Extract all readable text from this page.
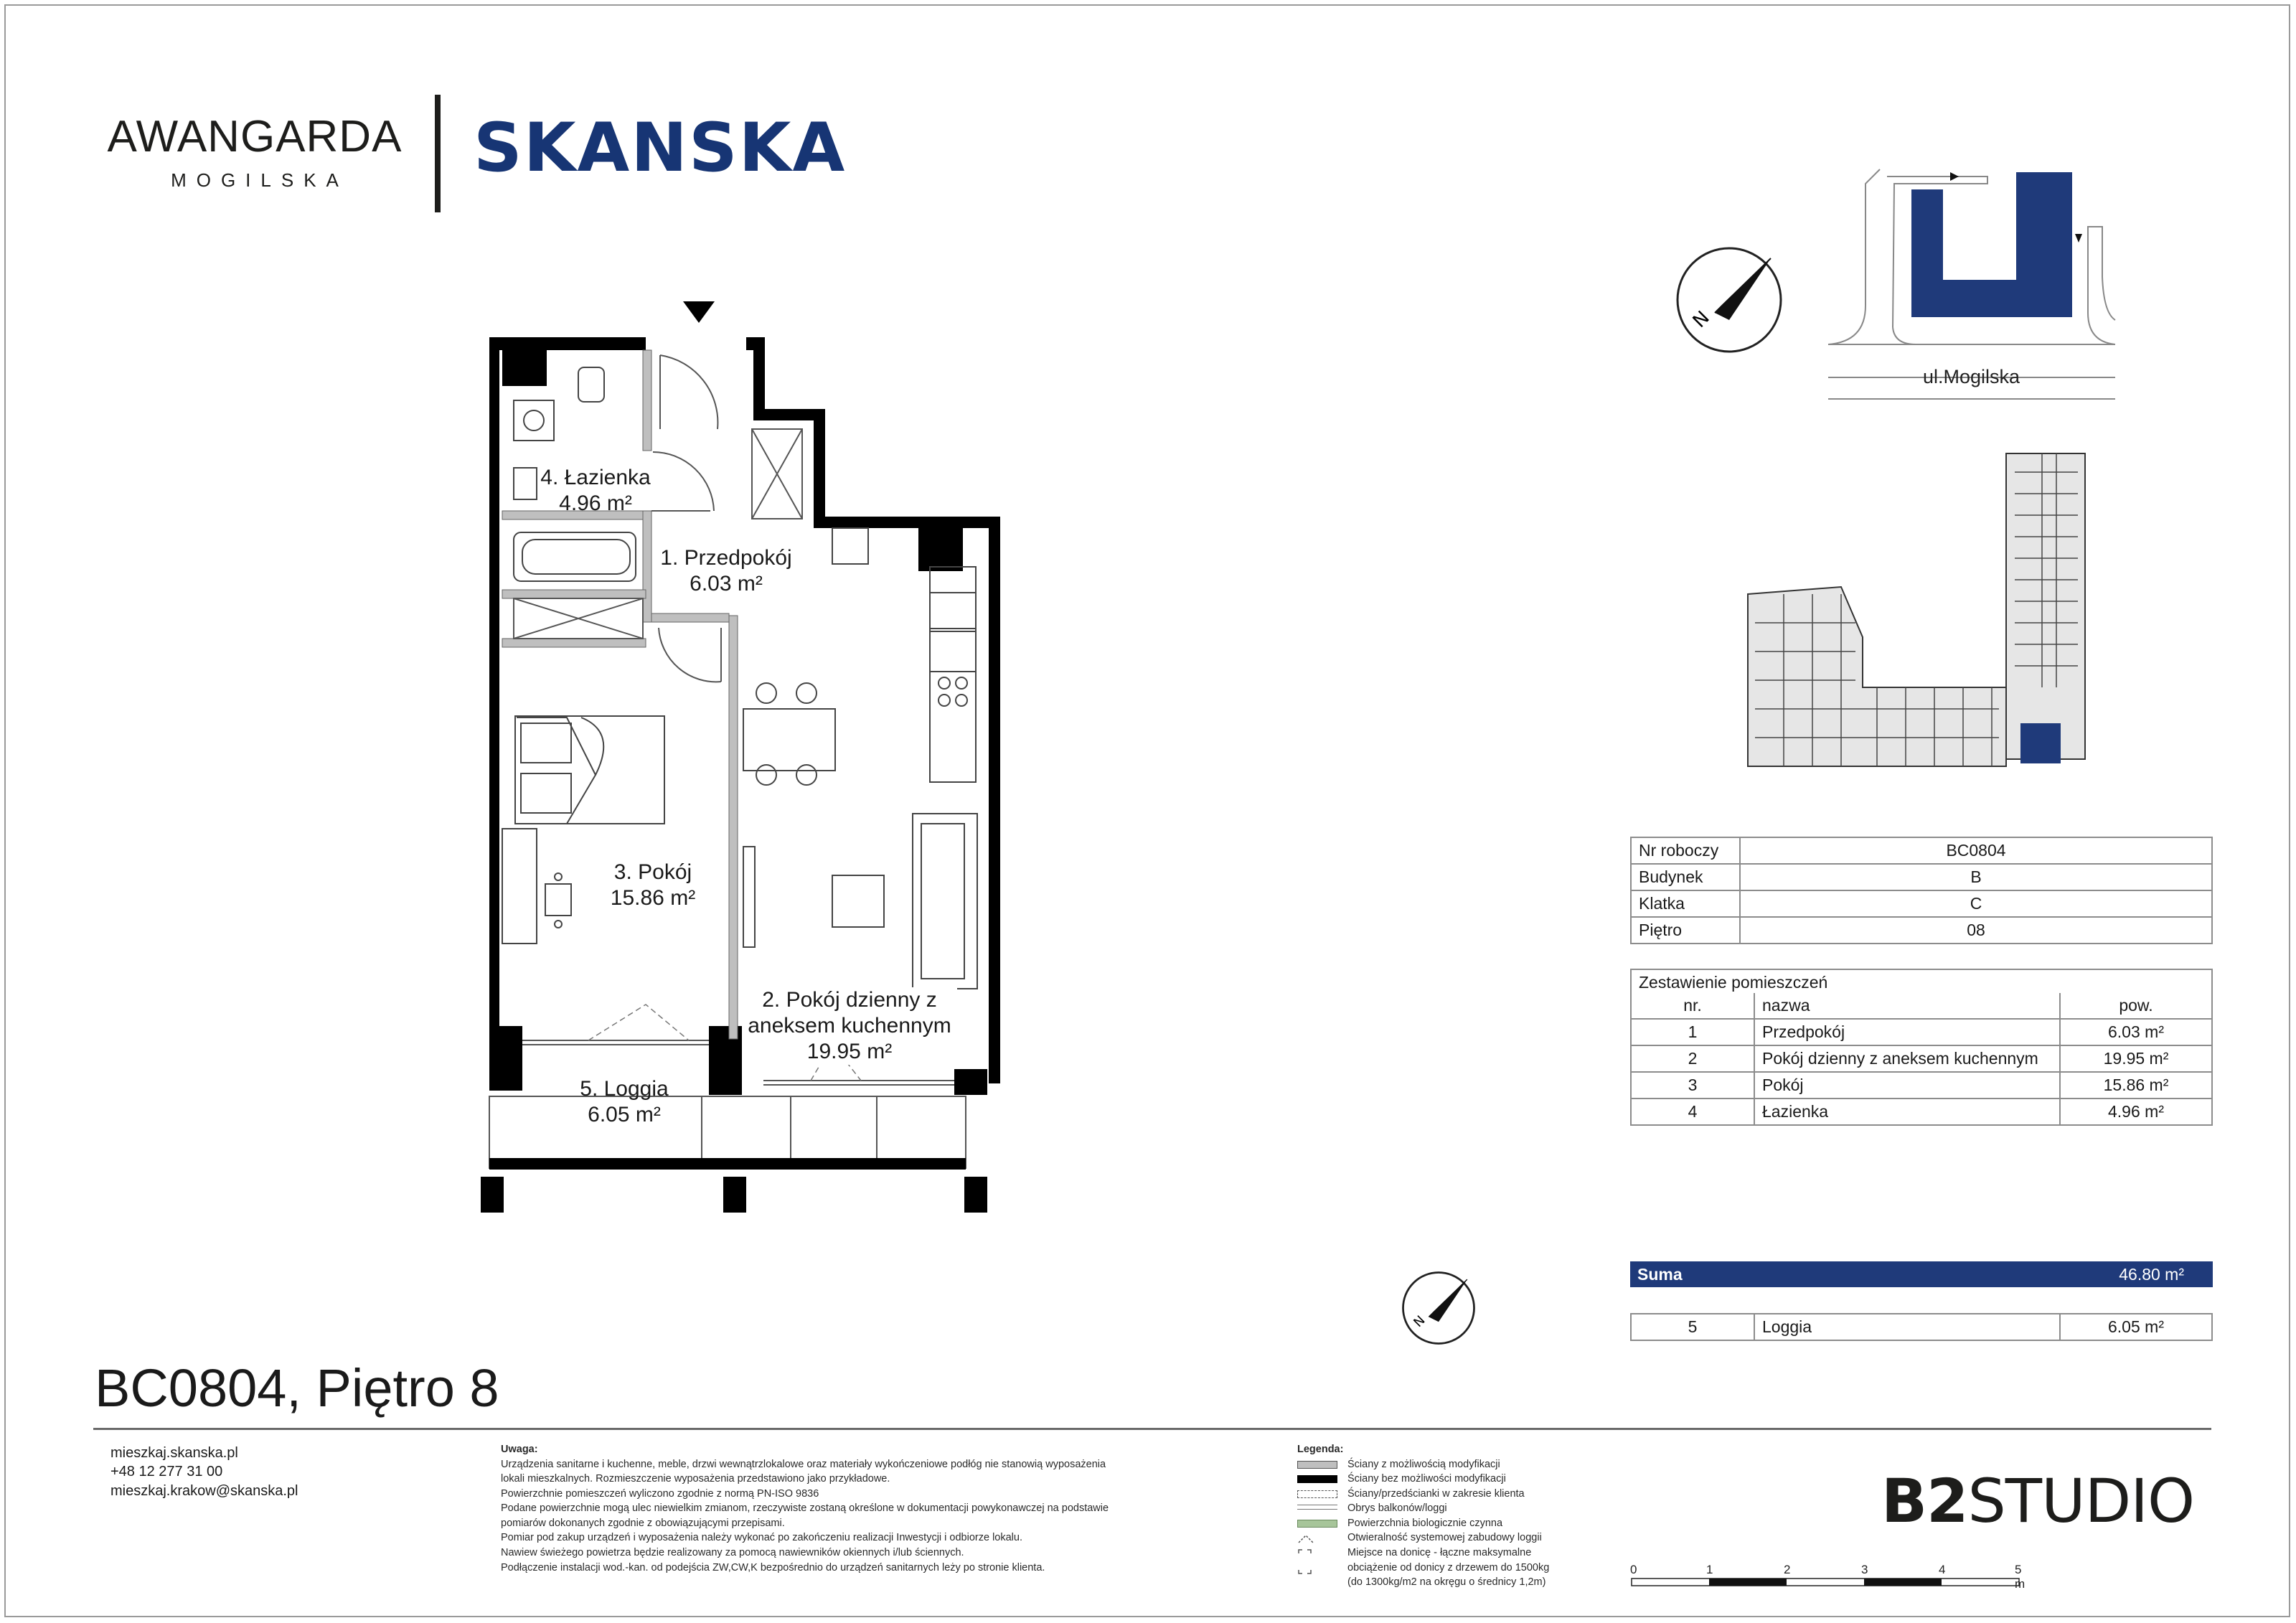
AWANGARDA
MOGILSKA	SKANSKA
4. Łazienka
4.96 m²
1. Przedpokój
6.03 m²
3. Pokój
15.86 m²
2. Pokój dzienny z aneksem kuchennym
19.95 m²
5. Loggia
6.05 m²
N
N
ul.Mogilska
Nr roboczy	BC0804
Budynek	B
Klatka	C
Piętro	08
Zestawienie pomieszczeń
nr.	nazwa	pow.
1	Przedpokój	6.03 m²
2	Pokój dzienny z aneksem kuchennym	19.95 m²
3	Pokój	15.86 m²
4	Łazienka	4.96 m²
Suma	46.80 m²
5	Loggia	6.05 m²
BC0804, Piętro 8
mieszkaj.skanska.pl
+48 12 277 31 00
mieszkaj.krakow@skanska.pl
Uwaga:
Urządzenia sanitarne i kuchenne, meble, drzwi wewnątrzlokalowe oraz materiały wykończeniowe podłóg nie stanowią wyposażenia
lokali mieszkalnych. Rozmieszczenie wyposażenia przedstawiono jako przykładowe.
Powierzchnie pomieszczeń wyliczono zgodnie z normą PN-ISO 9836
Podane powierzchnie mogą ulec niewielkim zmianom, rzeczywiste zostaną określone w dokumentacji powykonawczej na podstawie
pomiarów dokonanych zgodnie z obowiązującymi przepisami.
Pomiar pod zakup urządzeń i wyposażenia należy wykonać po zakończeniu realizacji Inwestycji i odbiorze lokalu.
Nawiew świeżego powietrza będzie realizowany za pomocą nawiewników okiennych i/lub ściennych.
Podłączenie instalacji wod.-kan. od podejścia ZW,CW,K bezpośrednio do urządzeń sanitarnych leży po stronie klienta.
Legenda:
Ściany z możliwością modyfikacji
Ściany bez możliwości modyfikacji
Ściany/przedścianki w zakresie klienta
Obrys balkonów/loggi
Powierzchnia biologicznie czynna
Otwieralność systemowej zabudowy loggii
Miejsce na donicę - łączne maksymalne
obciążenie od donicy z drzewem do 1500kg
(do 1300kg/m2 na okręgu o średnicy 1,2m)
B2STUDIO
0	1	2	3	4	5 m
